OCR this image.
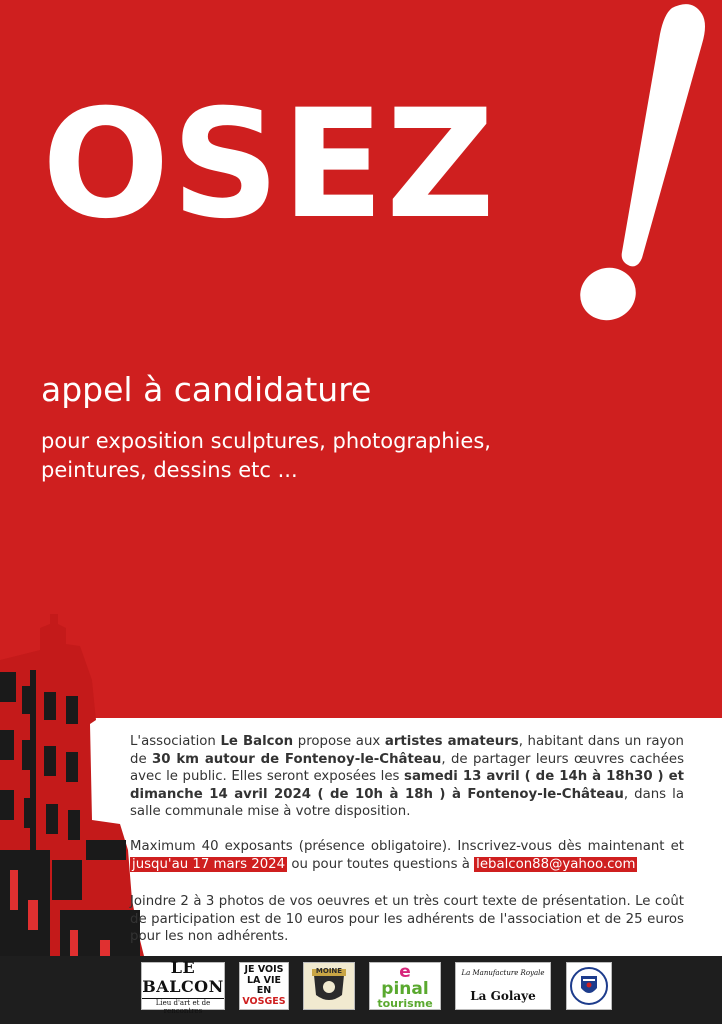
OSEZ
appel à candidature
pour exposition sculptures, photographies,
peintures, dessins etc ...
L'association Le Balcon propose aux artistes amateurs, habitant dans un rayon de 30 km autour de Fontenoy-le-Château, de partager leurs œuvres cachées avec le public. Elles seront exposées les samedi 13 avril ( de 14h à 18h30 ) et dimanche 14 avril 2024 ( de 10h à 18h ) à Fontenoy-le-Château, dans la salle communale mise à votre disposition.
Maximum 40 exposants (présence obligatoire). Inscrivez-vous dès maintenant et jusqu'au 17 mars 2024 ou pour toutes questions à lebalcon88@yahoo.com
Joindre 2 à 3 photos de vos oeuvres et un très court texte de présentation. Le coût de participation est de 10 euros pour les adhérents de l'association et de 25 euros pour les non adhérents.
LE BALCON
Lieu d'art et de rencontres
JE VOIS
LA VIE EN
VOSGES
MOINE	e
pinal
tourisme
La Manufacture Royale
La Golaye
